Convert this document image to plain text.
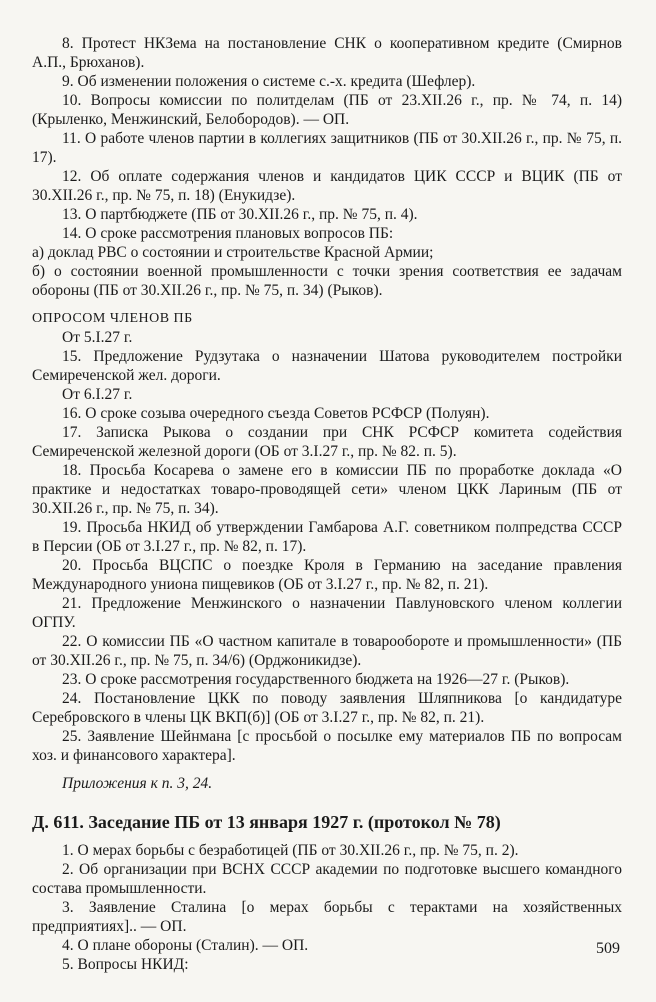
8. Протест НКЗема на постановление СНК о кооперативном кредите (Смирнов А.П., Брюханов).

9. Об изменении положения о системе с.-х. кредита (Шефлер).

10. Вопросы комиссии по политделам (ПБ от 23.XII.26 г., пр. № 74, п. 14) (Крыленко, Менжинский, Белобородов). — ОП.

11. О работе членов партии в коллегиях защитников (ПБ от 30.XII.26 г., пр. № 75, п. 17).

12. Об оплате содержания членов и кандидатов ЦИК СССР и ВЦИК (ПБ от 30.XII.26 г., пр. № 75, п. 18) (Енукидзе).

13. О партбюджете (ПБ от 30.XII.26 г., пр. № 75, п. 4).

14. О сроке рассмотрения плановых вопросов ПБ:

а) доклад РВС о состоянии и строительстве Красной Армии;

б) о состоянии военной промышленности с точки зрения соответствия ее задачам обороны (ПБ от 30.XII.26 г., пр. № 75, п. 34) (Рыков).

ОПРОСОМ ЧЛЕНОВ ПБ

От 5.I.27 г.

15. Предложение Рудзутака о назначении Шатова руководителем постройки Семиреченской жел. дороги.

От 6.I.27 г.

16. О сроке созыва очередного съезда Советов РСФСР (Полуян).

17. Записка Рыкова о создании при СНК РСФСР комитета содействия Семиреченской железной дороги (ОБ от 3.I.27 г., пр. № 82. п. 5).

18. Просьба Косарева о замене его в комиссии ПБ по проработке доклада «О практике и недостатках товаро-проводящей сети» членом ЦКК Лариным (ПБ от 30.XII.26 г., пр. № 75, п. 34).

19. Просьба НКИД об утверждении Гамбарова А.Г. советником полпредства СССР в Персии (ОБ от 3.I.27 г., пр. № 82, п. 17).

20. Просьба ВЦСПС о поездке Кроля в Германию на заседание правления Международного униона пищевиков (ОБ от 3.I.27 г., пр. № 82, п. 21).

21. Предложение Менжинского о назначении Павлуновского членом коллегии ОГПУ.

22. О комиссии ПБ «О частном капитале в товарообороте и промышленности» (ПБ от 30.XII.26 г., пр. № 75, п. 34/6) (Орджоникидзе).

23. О сроке рассмотрения государственного бюджета на 1926—27 г. (Рыков).

24. Постановление ЦКК по поводу заявления Шляпникова [о кандидатуре Серебровского в члены ЦК ВКП(б)] (ОБ от 3.I.27 г., пр. № 82, п. 21).

25. Заявление Шейнмана [с просьбой о посылке ему материалов ПБ по вопросам хоз. и финансового характера].

Приложения к п. 3, 24.

Д. 611. Заседание ПБ от 13 января 1927 г. (протокол № 78)

1. О мерах борьбы с безработицей (ПБ от 30.XII.26 г., пр. № 75, п. 2).

2. Об организации при ВСНХ СССР академии по подготовке высшего командного состава промышленности.

3. Заявление Сталина [о мерах борьбы с терактами на хозяйственных предприятиях].. — ОП.

4. О плане обороны (Сталин). — ОП.

5. Вопросы НКИД:

509
